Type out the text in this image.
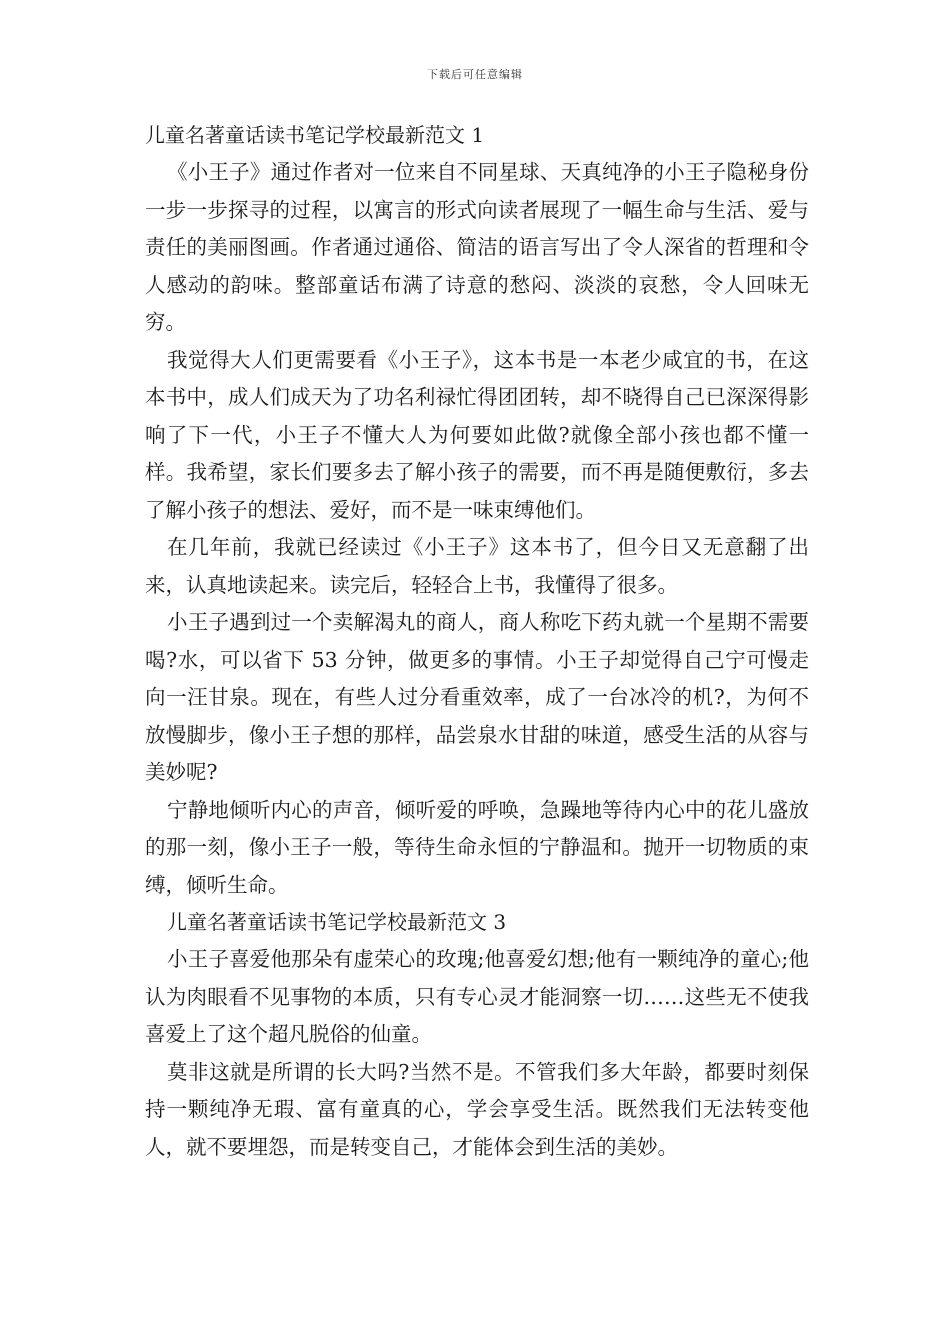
下载后可任意编辑
儿童名著童话读书笔记学校最新范文 1

《小王子》通过作者对一位来自不同星球、天真纯净的小王子隐秘身份一步一步探寻的过程，以寓言的形式向读者展现了一幅生命与生活、爱与责任的美丽图画。作者通过通俗、简洁的语言写出了令人深省的哲理和令人感动的韵味。整部童话布满了诗意的愁闷、淡淡的哀愁，令人回味无穷。

我觉得大人们更需要看《小王子》，这本书是一本老少咸宜的书，在这本书中，成人们成天为了功名利禄忙得团团转，却不晓得自己已深深得影响了下一代，小王子不懂大人为何要如此做?就像全部小孩也都不懂一样。我希望，家长们要多去了解小孩子的需要，而不再是随便敷衍，多去了解小孩子的想法、爱好，而不是一味束缚他们。

在几年前，我就已经读过《小王子》这本书了，但今日又无意翻了出来，认真地读起来。读完后，轻轻合上书，我懂得了很多。

小王子遇到过一个卖解渴丸的商人，商人称吃下药丸就一个星期不需要喝?水，可以省下 53 分钟，做更多的事情。小王子却觉得自己宁可慢走向一汪甘泉。现在，有些人过分看重效率，成了一台冰冷的机?，为何不放慢脚步，像小王子想的那样，品尝泉水甘甜的味道，感受生活的从容与美妙呢?

宁静地倾听内心的声音，倾听爱的呼唤，急躁地等待内心中的花儿盛放的那一刻，像小王子一般，等待生命永恒的宁静温和。抛开一切物质的束缚，倾听生命。

儿童名著童话读书笔记学校最新范文 3

小王子喜爱他那朵有虚荣心的玫瑰;他喜爱幻想;他有一颗纯净的童心;他认为肉眼看不见事物的本质，只有专心灵才能洞察一切……这些无不使我喜爱上了这个超凡脱俗的仙童。

莫非这就是所谓的长大吗?当然不是。不管我们多大年龄，都要时刻保持一颗纯净无瑕、富有童真的心，学会享受生活。既然我们无法转变他人，就不要埋怨，而是转变自己，才能体会到生活的美妙。
